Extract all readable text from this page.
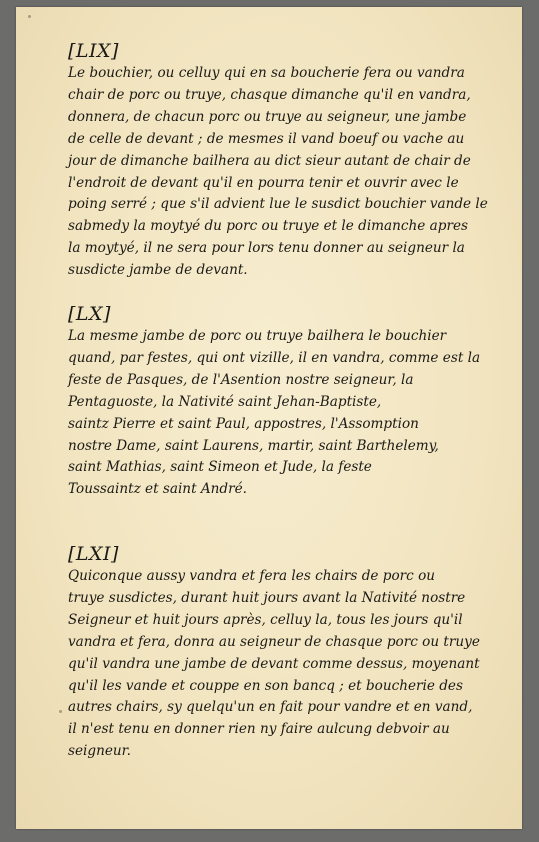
[LIX]

Le bouchier, ou celluy qui en sa boucherie fera ou vandra
chair de porc ou truye, chasque dimanche qu'il en vandra,
donnera, de chacun porc ou truye au seigneur, une jambe
de celle de devant ; de mesmes il vand boeuf ou vache au
jour de dimanche bailhera au dict sieur autant de chair de
l'endroit de devant qu'il en pourra tenir et ouvrir avec le
poing serré ; que s'il advient lue le susdict bouchier vande le
sabmedy la moytyé du porc ou truye et le dimanche apres
la moytyé, il ne sera pour lors tenu donner au seigneur la
susdicte jambe de devant.

[LX]

La mesme jambe de porc ou truye bailhera le bouchier
quand, par festes, qui ont vizille, il en vandra, comme est la
feste de Pasques, de l'Asention nostre seigneur, la
Pentaguoste, la Nativité saint Jehan-Baptiste,
saintz Pierre et saint Paul, appostres, l'Assomption
nostre Dame, saint Laurens, martir, saint Barthelemy,
saint Mathias, saint Simeon et Jude, la feste
Toussaintz et saint André.

[LXI]

Quiconque aussy vandra et fera les chairs de porc ou
truye susdictes, durant huit jours avant la Nativité nostre
Seigneur et huit jours après, celluy la, tous les jours qu'il
vandra et fera, donra au seigneur de chasque porc ou truye
qu'il vandra une jambe de devant comme dessus, moyenant
qu'il les vande et couppe en son bancq ; et boucherie des
autres chairs, sy quelqu'un en fait pour vandre et en vand,
il n'est tenu en donner rien ny faire aulcung debvoir au
seigneur.
